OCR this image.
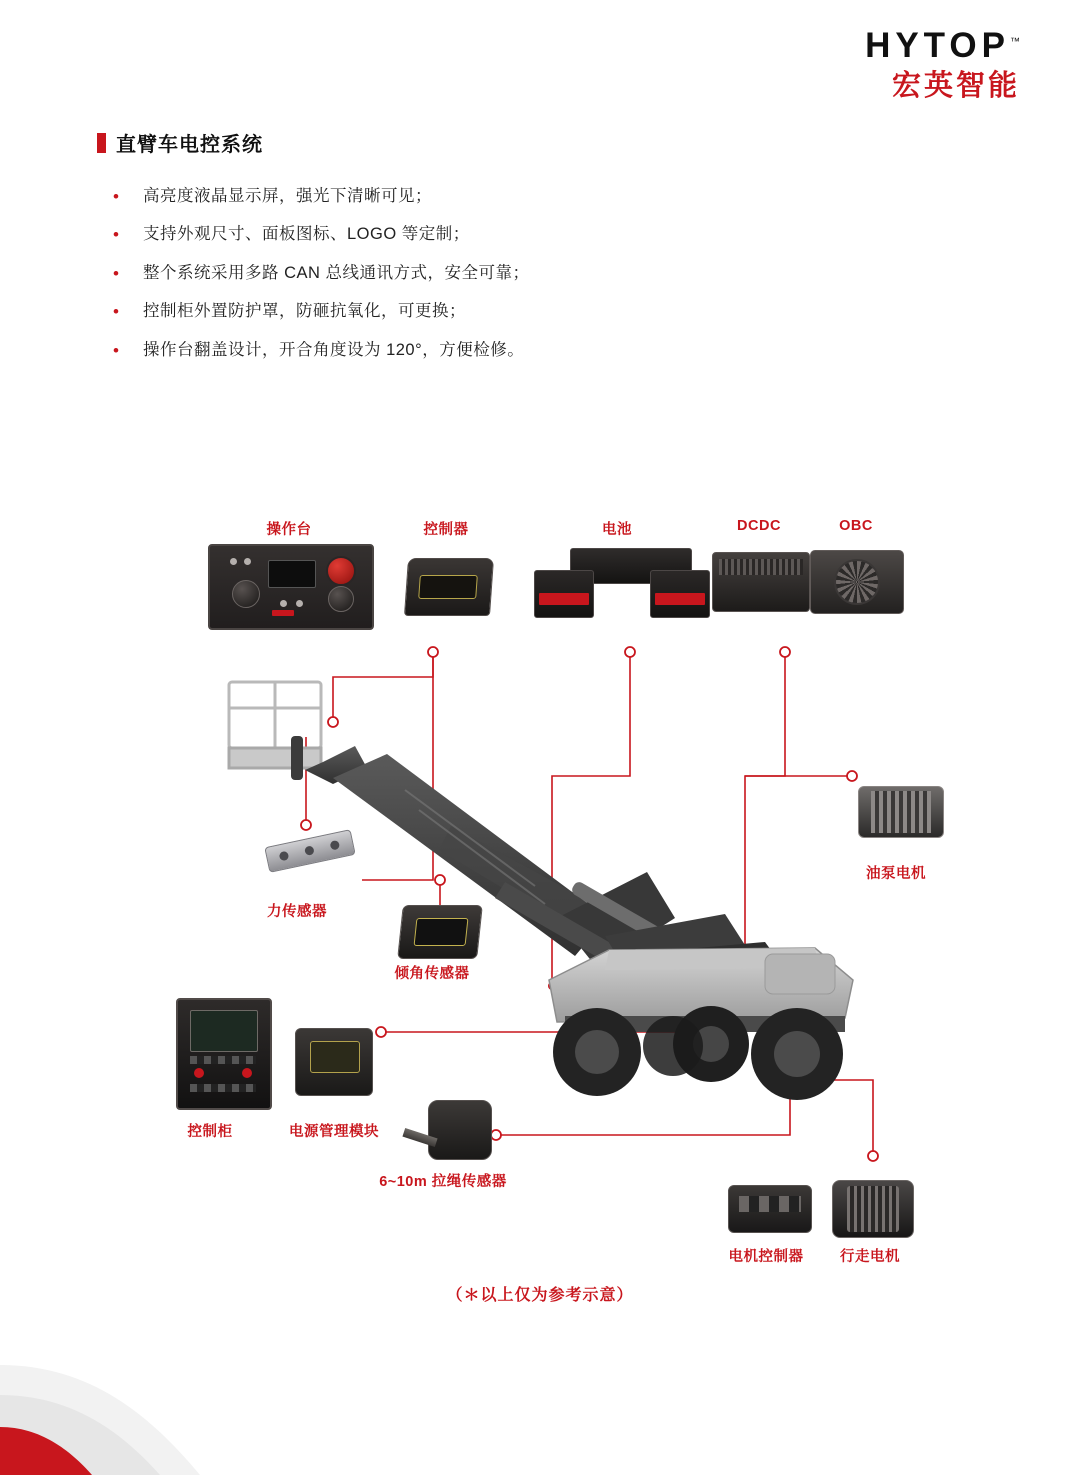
HYTOP™
宏英智能
直臂车电控系统
•	高亮度液晶显示屏，强光下清晰可见；
•	支持外观尺寸、面板图标、LOGO 等定制；
•	整个系统采用多路 CAN 总线通讯方式，安全可靠；
•	控制柜外置防护罩，防砸抗氧化，可更换；
•	操作台翻盖设计，开合角度设为 120°，方便检修。
操作台	控制器	电池	DCDC	OBC
油泵电机
力传感器
倾角传感器
控制柜	电源管理模块
6~10m 拉绳传感器
电机控制器	行走电机
（＊以上仅为参考示意）
